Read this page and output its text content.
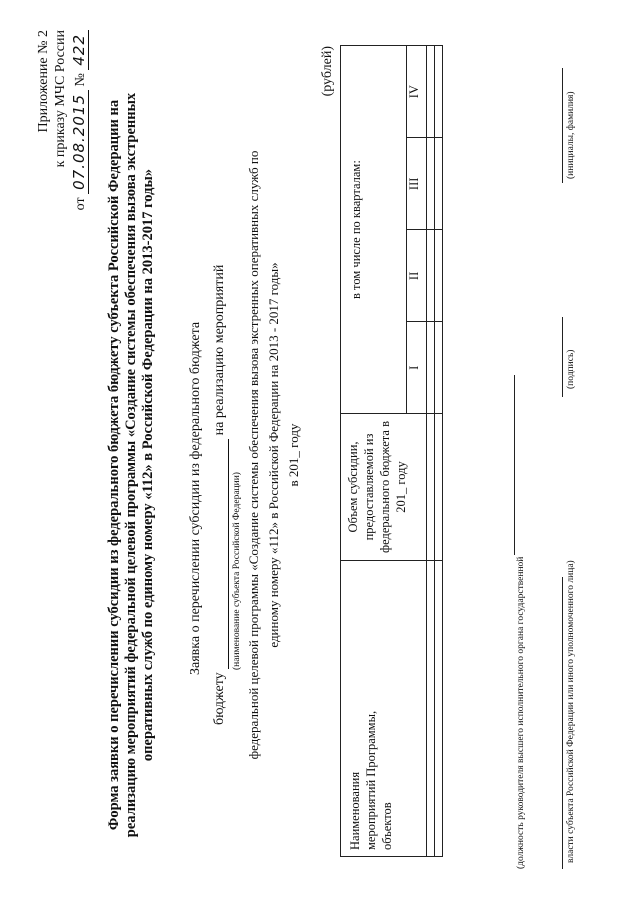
Приложение № 2 к приказу МЧС России
от 07.08.2015 № 422
Форма заявки о перечислении субсидии из федерального бюджета бюджету субъекта Российской Федерации на реализацию мероприятий федеральной целевой программы «Создание системы обеспечения вызова экстренных оперативных служб по единому номеру «112» в Российской Федерации на 2013-2017 годы» Заявка о перечислении субсидии из федерального бюджета
бюджету   на реализацию мероприятий
(наименование субъекта Российской Федерации) федеральной целевой программы «Создание системы обеспечения вызова экстренных оперативных служб по единому номеру «112» в Российской Федерации на 2013 - 2017 годы» в 201_ году
(рублей)
Наименования мероприятий Программы, объектов	Объем субсидии, предоставляемой из федерального бюджета в 201_ году	в том числе по кварталам:			
		I	II	III	IV

(должность руководителя высшего исполнительного органа государственной	власти субъекта Российской Федерации или иного уполномоченного лица)
(подпись)
(инициалы, фамилия)
